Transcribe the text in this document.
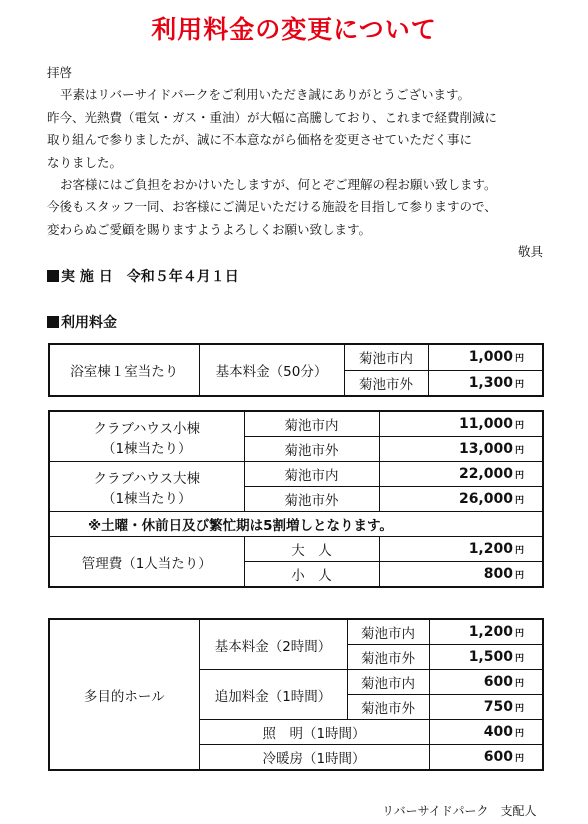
利用料金の変更について

拝啓

平素はリバーサイドパークをご利用いただき誠にありがとうございます。

昨今、光熱費（電気・ガス・重油）が大幅に高騰しており、これまで経費削減に

取り組んで参りましたが、誠に不本意ながら価格を変更させていただく事に

なりました。

お客様にはご負担をおかけいたしますが、何とぞご理解の程お願い致します。

今後もスタッフ一同、お客様にご満足いただける施設を目指して参りますので、

変わらぬご愛顧を賜りますようよろしくお願い致します。

敬具

実 施 日 令和５年４月１日
利用料金
浴室棟１室当たり	基本料金（50分）	菊池市内	1,000 円
		菊池市外	1,300 円
クラブハウス小棟
（1棟当たり）	菊池市内	11,000 円
	菊池市外	13,000 円
クラブハウス大棟
（1棟当たり）	菊池市内	22,000 円
	菊池市外	26,000 円
※土曜・休前日及び繁忙期は5割増しとなります。		
管理費（1人当たり）	大　人	1,200 円
	小　人	800 円
多目的ホール	基本料金（2時間）	菊池市内	1,200 円
		菊池市外	1,500 円
	追加料金（1時間）	菊池市内	600 円
		菊池市外	750 円
	照　明（1時間）		400 円
	冷暖房（1時間）		600 円
リバーサイドパーク　支配人
